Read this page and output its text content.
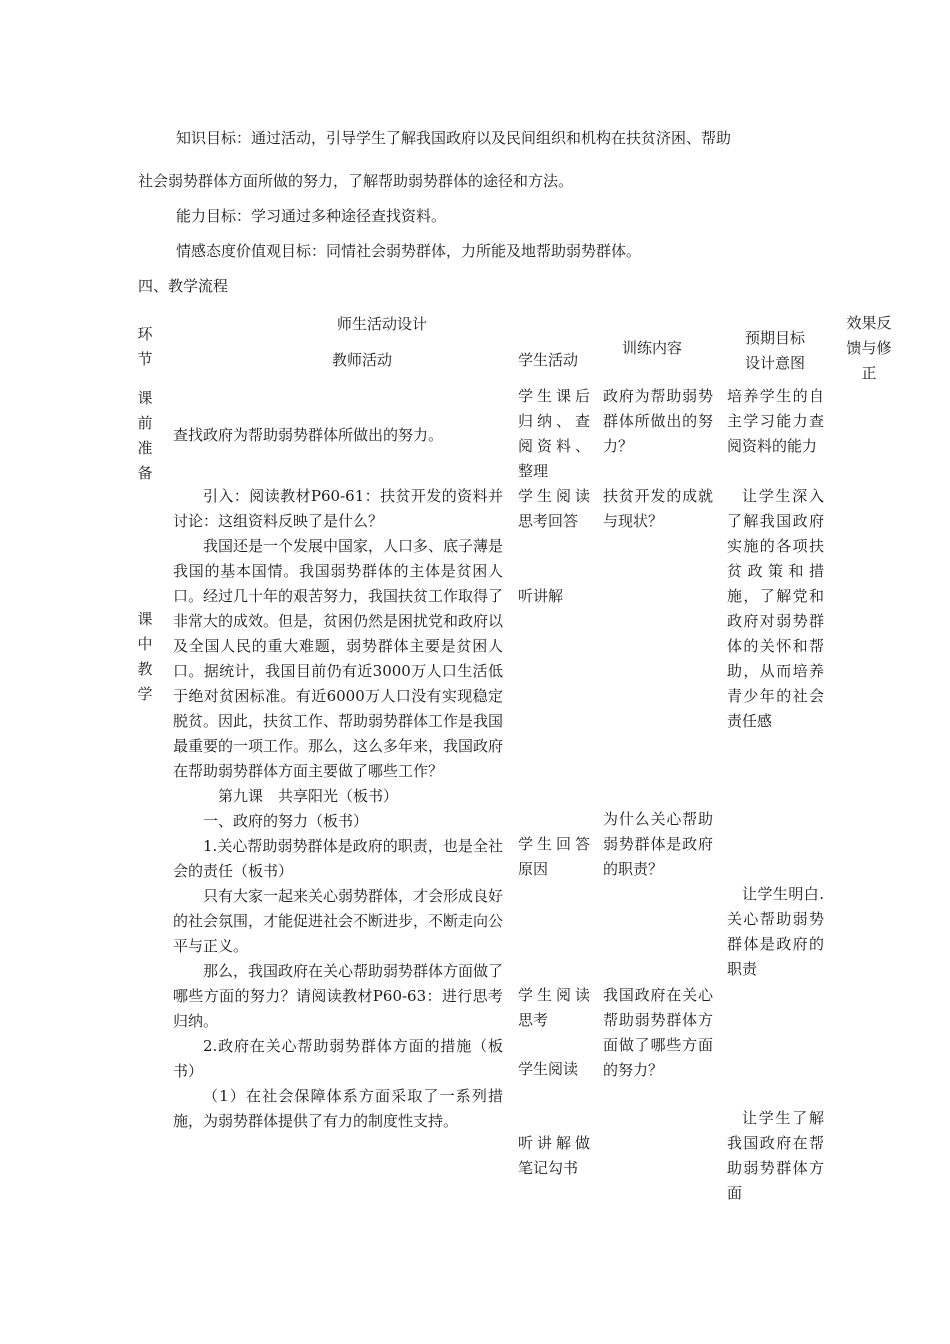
知识目标：通过活动，引导学生了解我国政府以及民间组织和机构在扶贫济困、帮助
社会弱势群体方面所做的努力，了解帮助弱势群体的途径和方法。
能力目标：学习通过多种途径查找资料。
情感态度价值观目标：同情社会弱势群体，力所能及地帮助弱势群体。
四、教学流程
环
节
师生活动设计
教师活动	学生活动
训练内容
预期目标
设计意图
效果反
馈与修
正
课
前
准
备
查找政府为帮助弱势群体所做出的努力。
学生课后归纳、查阅资料、整理
政府为帮助弱势群体所做出的努力？
培养学生的自主学习能力查阅资料的能力
课
中
教
学

引入：阅读教材P60-61：扶贫开发的资料并讨论：这组资料反映了是什么？

我国还是一个发展中国家，人口多、底子薄是我国的基本国情。我国弱势群体的主体是贫困人口。经过几十年的艰苦努力，我国扶贫工作取得了非常大的成效。但是，贫困仍然是困扰党和政府以及全国人民的重大难题，弱势群体主要是贫困人口。据统计，我国目前仍有近3000万人口生活低于绝对贫困标准。有近6000万人口没有实现稳定脱贫。因此，扶贫工作、帮助弱势群体工作是我国最重要的一项工作。那么，这么多年来，我国政府在帮助弱势群体方面主要做了哪些工作？

第九课　共享阳光（板书）

一、政府的努力（板书）

1.关心帮助弱势群体是政府的职责，也是全社会的责任（板书）

只有大家一起来关心弱势群体，才会形成良好的社会氛围，才能促进社会不断进步，不断走向公平与正义。

那么，我国政府在关心帮助弱势群体方面做了哪些方面的努力？请阅读教材P60-63：进行思考归纳。

2.政府在关心帮助弱势群体方面的措施（板书）

（1）在社会保障体系方面采取了一系列措施，为弱势群体提供了有力的制度性支持。

学生阅读思考回答
听讲解
学生回答原因
学生阅读思考
学生阅读
听讲解做笔记勾书
扶贫开发的成就与现状？
为什么关心帮助弱势群体是政府的职责？
我国政府在关心帮助弱势群体方面做了哪些方面的努力？
让学生深入了解我国政府实施的各项扶贫政策和措施，了解党和政府对弱势群体的关怀和帮助，从而培养青少年的社会责任感
让学生明白.关心帮助弱势群体是政府的职责
让学生了解我国政府在帮助弱势群体方面
